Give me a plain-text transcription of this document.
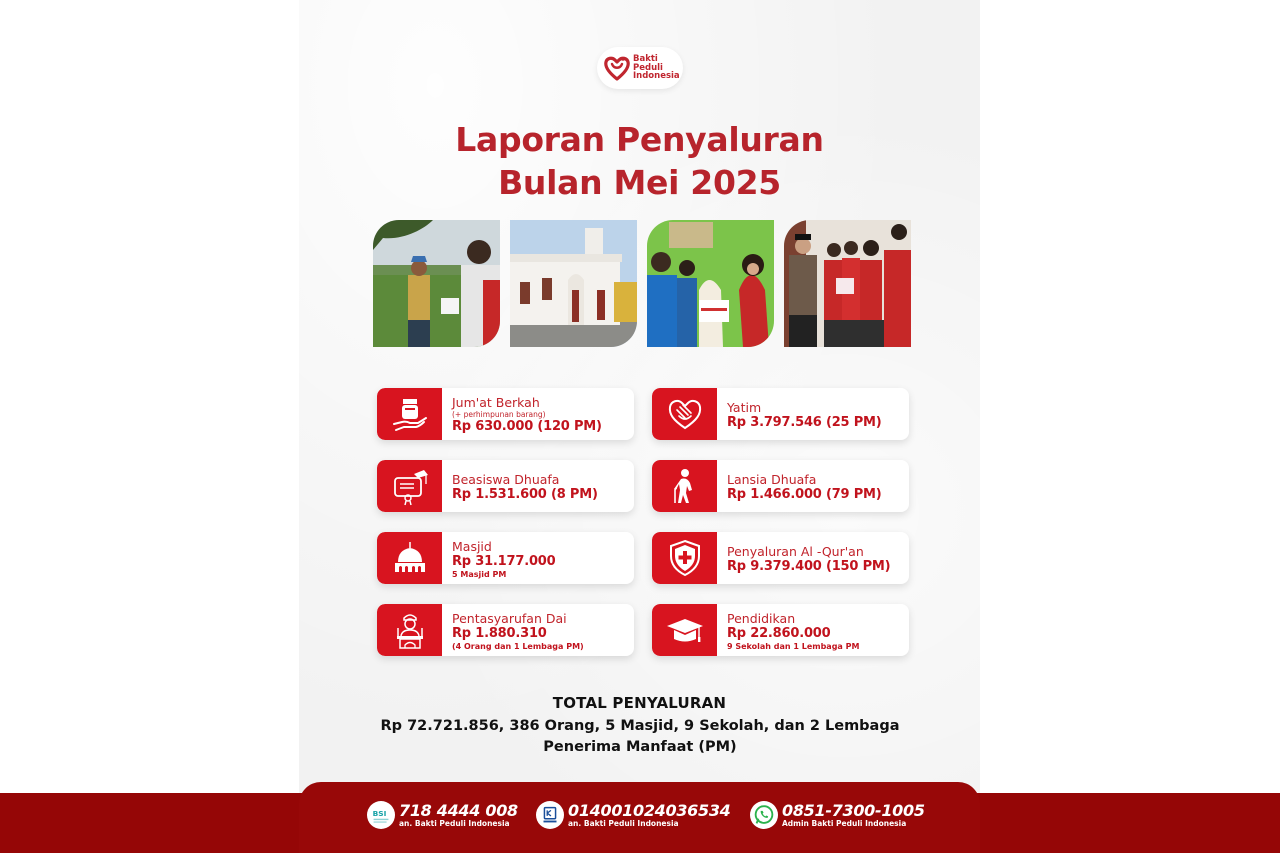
Bakti
Peduli
Indonesia
Laporan Penyaluran
Bulan Mei 2025
Jum'at Berkah
(+ perhimpunan barang)
Rp 630.000 (120 PM)
Yatim
Rp 3.797.546 (25 PM)
Beasiswa Dhuafa
Rp 1.531.600 (8 PM)
Lansia Dhuafa
Rp 1.466.000 (79 PM)
Masjid
Rp 31.177.000
5 Masjid PM
Penyaluran Al -Qur'an
Rp 9.379.400 (150 PM)
Pentasyarufan Dai
Rp 1.880.310
(4 Orang dan 1 Lembaga PM)
Pendidikan
Rp 22.860.000
9 Sekolah dan 1 Lembaga PM
TOTAL PENYALURAN
Rp 72.721.856, 386 Orang, 5 Masjid, 9 Sekolah, dan 2 Lembaga
Penerima Manfaat (PM)
BSI 718 4444 008
an. Bakti Peduli Indonesia
014001024036534
an. Bakti Peduli Indonesia
0851-7300-1005
Admin Bakti Peduli Indonesia
